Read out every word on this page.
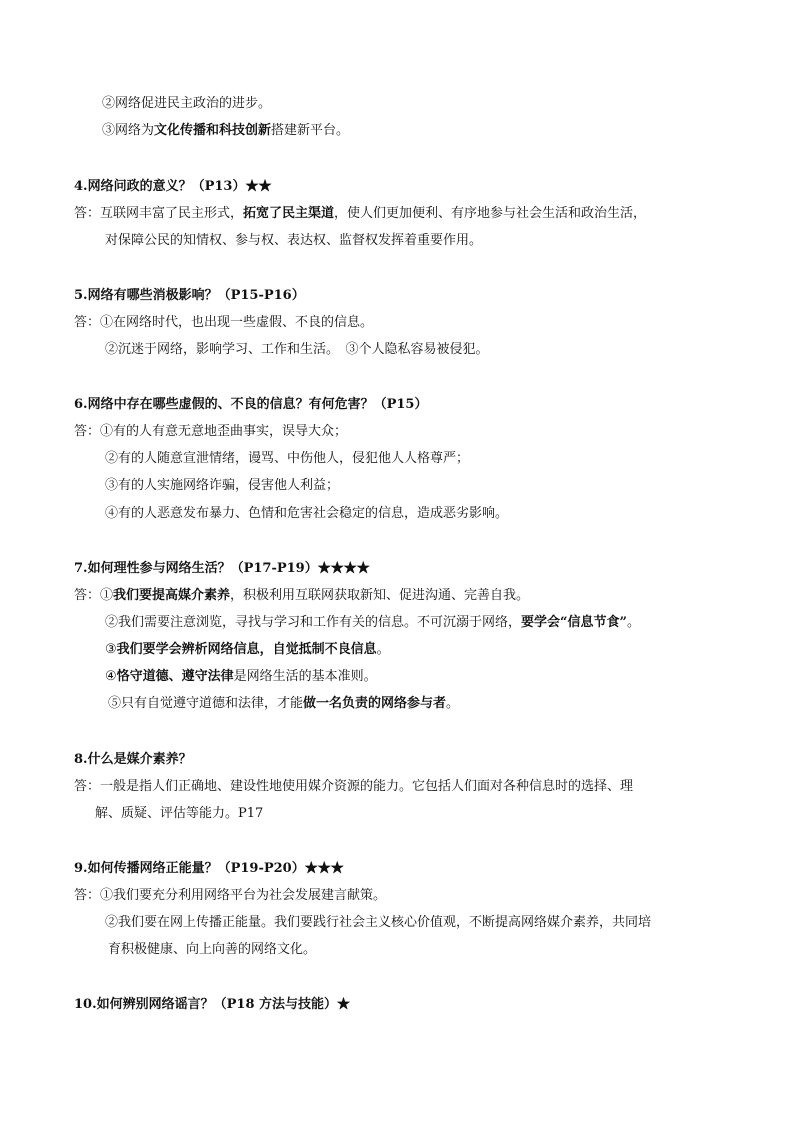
②网络促进民主政治的进步。
③网络为文化传播和科技创新搭建新平台。
4.网络问政的意义？（P13）★★
答：互联网丰富了民主形式，拓宽了民主渠道，使人们更加便利、有序地参与社会生活和政治生活，
对保障公民的知情权、参与权、表达权、监督权发挥着重要作用。
5.网络有哪些消极影响？（P15-P16）
答：①在网络时代，也出现一些虚假、不良的信息。
②沉迷于网络，影响学习、工作和生活。　③个人隐私容易被侵犯。
6.网络中存在哪些虚假的、不良的信息？有何危害？（P15）
答：①有的人有意无意地歪曲事实，误导大众；
②有的人随意宣泄情绪，谩骂、中伤他人，侵犯他人人格尊严；
③有的人实施网络诈骗，侵害他人利益；
④有的人恶意发布暴力、色情和危害社会稳定的信息，造成恶劣影响。
7.如何理性参与网络生活？（P17-P19）★★★★
答：①我们要提高媒介素养，积极利用互联网获取新知、促进沟通、完善自我。
②我们需要注意浏览，寻找与学习和工作有关的信息。不可沉溺于网络，要学会“信息节食”。
③我们要学会辨析网络信息，自觉抵制不良信息。
④恪守道德、遵守法律是网络生活的基本准则。
⑤只有自觉遵守道德和法律，才能做一名负责的网络参与者。
8.什么是媒介素养？
答：一般是指人们正确地、建设性地使用媒介资源的能力。它包括人们面对各种信息时的选择、理
解、质疑、评估等能力。P17
9.如何传播网络正能量？（P19-P20）★★★
答：①我们要充分利用网络平台为社会发展建言献策。
②我们要在网上传播正能量。我们要践行社会主义核心价值观，不断提高网络媒介素养，共同培
育积极健康、向上向善的网络文化。
10.如何辨别网络谣言？（P18 方法与技能）★
